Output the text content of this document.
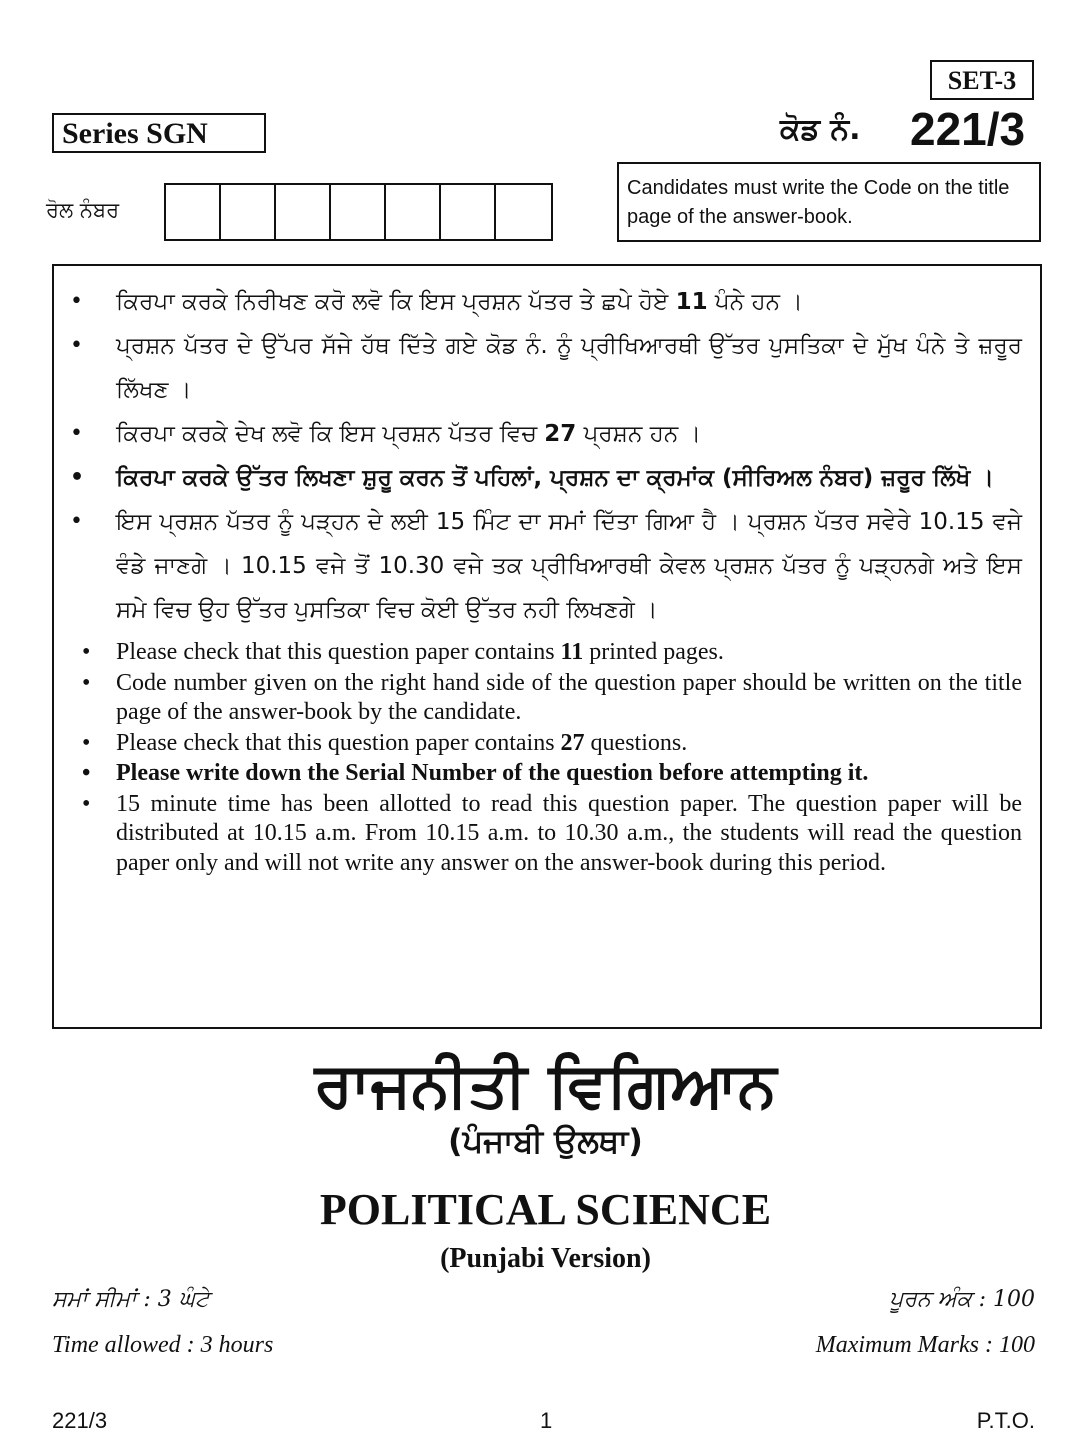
SET-3
Series SGN	ਕੋਡ ਨੰ. 221/3
ਰੋਲ ਨੰਬਰ
Candidates must write the Code on the title page of the answer-book.
• ਕਿਰਪਾ ਕਰਕੇ ਨਿਰੀਖਣ ਕਰੋ ਲਵੋ ਕਿ ਇਸ ਪ੍ਰਸ਼ਨ ਪੱਤਰ ਤੇ ਛਪੇ ਹੋਏ 11 ਪੰਨੇ ਹਨ ।
• ਪ੍ਰਸ਼ਨ ਪੱਤਰ ਦੇ ਉੱਪਰ ਸੱਜੇ ਹੱਥ ਦਿੱਤੇ ਗਏ ਕੋਡ ਨੰ. ਨੂੰ ਪ੍ਰੀਖਿਆਰਥੀ ਉੱਤਰ ਪੁਸਤਿਕਾ ਦੇ ਮੁੱਖ ਪੰਨੇ ਤੇ ਜ਼ਰੂਰ ਲਿੱਖਣ ।
• ਕਿਰਪਾ ਕਰਕੇ ਦੇਖ ਲਵੋ ਕਿ ਇਸ ਪ੍ਰਸ਼ਨ ਪੱਤਰ ਵਿਚ 27 ਪ੍ਰਸ਼ਨ ਹਨ ।
• ਕਿਰਪਾ ਕਰਕੇ ਉੱਤਰ ਲਿਖਣਾ ਸ਼ੁਰੂ ਕਰਨ ਤੋਂ ਪਹਿਲਾਂ, ਪ੍ਰਸ਼ਨ ਦਾ ਕ੍ਰਮਾਂਕ (ਸੀਰਿਅਲ ਨੰਬਰ) ਜ਼ਰੂਰ ਲਿੱਖੋ ।
• ਇਸ ਪ੍ਰਸ਼ਨ ਪੱਤਰ ਨੂੰ ਪੜ੍ਹਨ ਦੇ ਲਈ 15 ਮਿੰਟ ਦਾ ਸਮਾਂ ਦਿੱਤਾ ਗਿਆ ਹੈ । ਪ੍ਰਸ਼ਨ ਪੱਤਰ ਸਵੇਰੇ 10.15 ਵਜੇ ਵੰਡੇ ਜਾਣਗੇ । 10.15 ਵਜੇ ਤੋਂ 10.30 ਵਜੇ ਤਕ ਪ੍ਰੀਖਿਆਰਥੀ ਕੇਵਲ ਪ੍ਰਸ਼ਨ ਪੱਤਰ ਨੂੰ ਪੜ੍ਹਨਗੇ ਅਤੇ ਇਸ ਸਮੇ ਵਿਚ ਉਹ ਉੱਤਰ ਪੁਸਤਿਕਾ ਵਿਚ ਕੋਈ ਉੱਤਰ ਨਹੀ ਲਿਖਣਗੇ ।
• Please check that this question paper contains 11 printed pages.
• Code number given on the right hand side of the question paper should be written on the title page of the answer-book by the candidate.
• Please check that this question paper contains 27 questions.
• Please write down the Serial Number of the question before attempting it.
• 15 minute time has been allotted to read this question paper. The question paper will be distributed at 10.15 a.m. From 10.15 a.m. to 10.30 a.m., the students will read the question paper only and will not write any answer on the answer-book during this period.
ਰਾਜਨੀਤੀ ਵਿਗਿਆਨ
(ਪੰਜਾਬੀ ਉਲਥਾ)
POLITICAL SCIENCE
(Punjabi Version)
ਸਮਾਂ ਸੀਮਾਂ : 3 ਘੰਟੇ	ਪੂਰਨ ਅੰਕ : 100
Time allowed : 3 hours	Maximum Marks : 100
221/3	1	P.T.O.
